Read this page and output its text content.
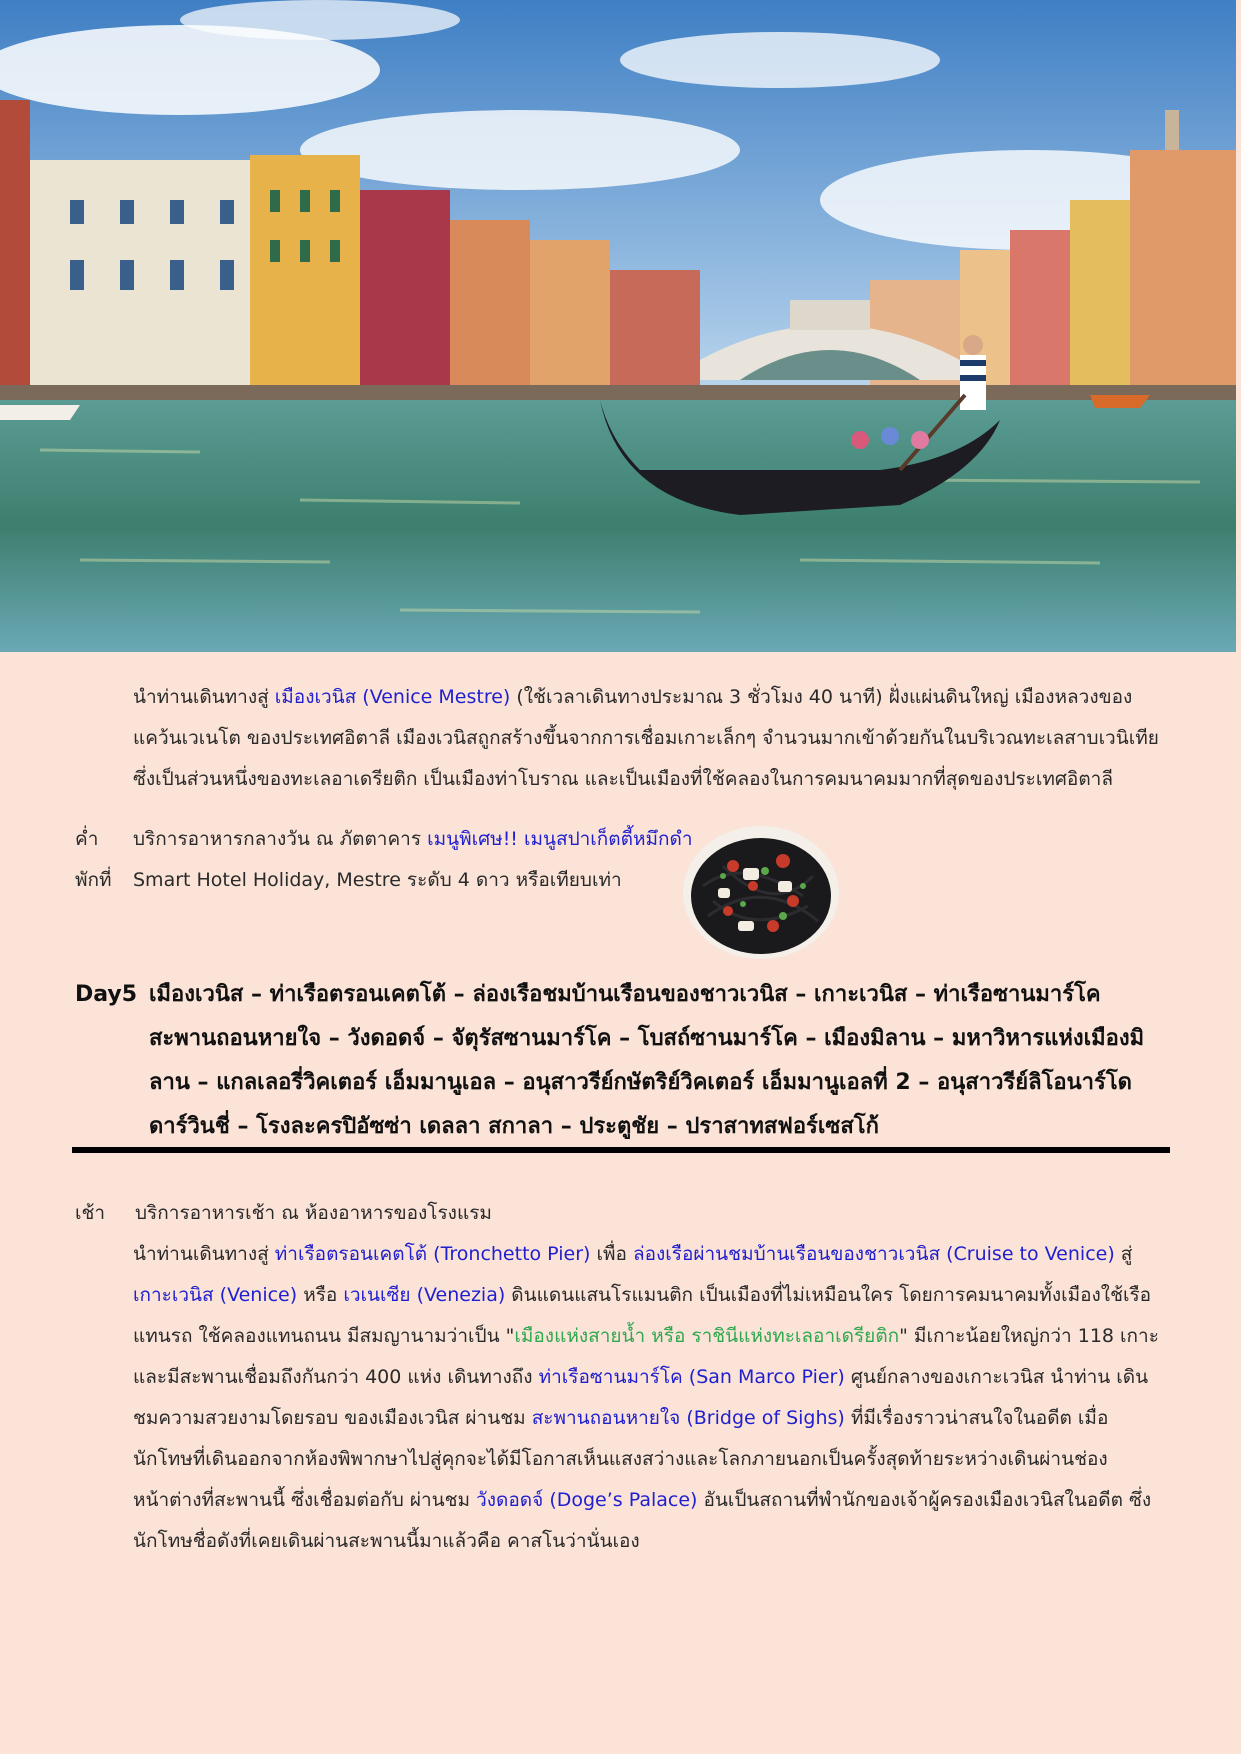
นำท่านเดินทางสู่ เมืองเวนิส (Venice Mestre) (ใช้เวลาเดินทางประมาณ 3 ชั่วโมง 40 นาที) ฝั่งแผ่นดินใหญ่ เมืองหลวงของแคว้นเวเนโต ของประเทศอิตาลี เมืองเวนิสถูกสร้างขึ้นจากการเชื่อมเกาะเล็กๆ จำนวนมากเข้าด้วยกันในบริเวณทะเลสาบเวนิเทีย ซึ่งเป็นส่วนหนึ่งของทะเลอาเดรียติก เป็นเมืองท่าโบราณ และเป็นเมืองที่ใช้คลองในการคมนาคมมากที่สุดของประเทศอิตาลี
ค่ำ บริการอาหารกลางวัน ณ ภัตตาคาร เมนูพิเศษ!! เมนูสปาเก็ตตี้หมึกดำ
พักที่ Smart Hotel Holiday, Mestre ระดับ 4 ดาว หรือเทียบเท่า
Day5 เมืองเวนิส – ท่าเรือตรอนเคตโต้ – ล่องเรือชมบ้านเรือนของชาวเวนิส – เกาะเวนิส – ท่าเรือซานมาร์โค สะพานถอนหายใจ – วังดอดจ์ – จัตุรัสซานมาร์โค – โบสถ์ซานมาร์โค – เมืองมิลาน – มหาวิหารแห่งเมืองมิลาน – แกลเลอรี่วิคเตอร์ เอ็มมานูเอล – อนุสาวรีย์กษัตริย์วิคเตอร์ เอ็มมานูเอลที่ 2 – อนุสาวรีย์ลิโอนาร์โด ดาร์วินชี่ – โรงละครปิอัซซ่า เดลลา สกาลา – ประตูชัย – ปราสาทสฟอร์เซสโก้
เช้า บริการอาหารเช้า ณ ห้องอาหารของโรงแรม
นำท่านเดินทางสู่ ท่าเรือตรอนเคตโต้ (Tronchetto Pier) เพื่อ ล่องเรือผ่านชมบ้านเรือนของชาวเวนิส (Cruise to Venice) สู่ เกาะเวนิส (Venice) หรือ เวเนเซีย (Venezia) ดินแดนแสนโรแมนติก เป็นเมืองที่ไม่เหมือนใคร โดยการคมนาคมทั้งเมืองใช้เรือแทนรถ ใช้คลองแทนถนน มีสมญานามว่าเป็น "เมืองแห่งสายน้ำ หรือ ราชินีแห่งทะเลอาเดรียติก" มีเกาะน้อยใหญ่กว่า 118 เกาะ และมีสะพานเชื่อมถึงกันกว่า 400 แห่ง เดินทางถึง ท่าเรือซานมาร์โค (San Marco Pier) ศูนย์กลางของเกาะเวนิส นำท่าน เดินชมความสวยงามโดยรอบ ของเมืองเวนิส ผ่านชม สะพานถอนหายใจ (Bridge of Sighs) ที่มีเรื่องราวน่าสนใจในอดีต เมื่อนักโทษที่เดินออกจากห้องพิพากษาไปสู่คุกจะได้มีโอกาสเห็นแสงสว่างและโลกภายนอกเป็นครั้งสุดท้ายระหว่างเดินผ่านช่องหน้าต่างที่สะพานนี้ ซึ่งเชื่อมต่อกับ ผ่านชม วังดอดจ์ (Doge’s Palace) อันเป็นสถานที่พำนักของเจ้าผู้ครองเมืองเวนิสในอดีต ซึ่งนักโทษชื่อดังที่เคยเดินผ่านสะพานนี้มาแล้วคือ คาสโนว่านั่นเอง
